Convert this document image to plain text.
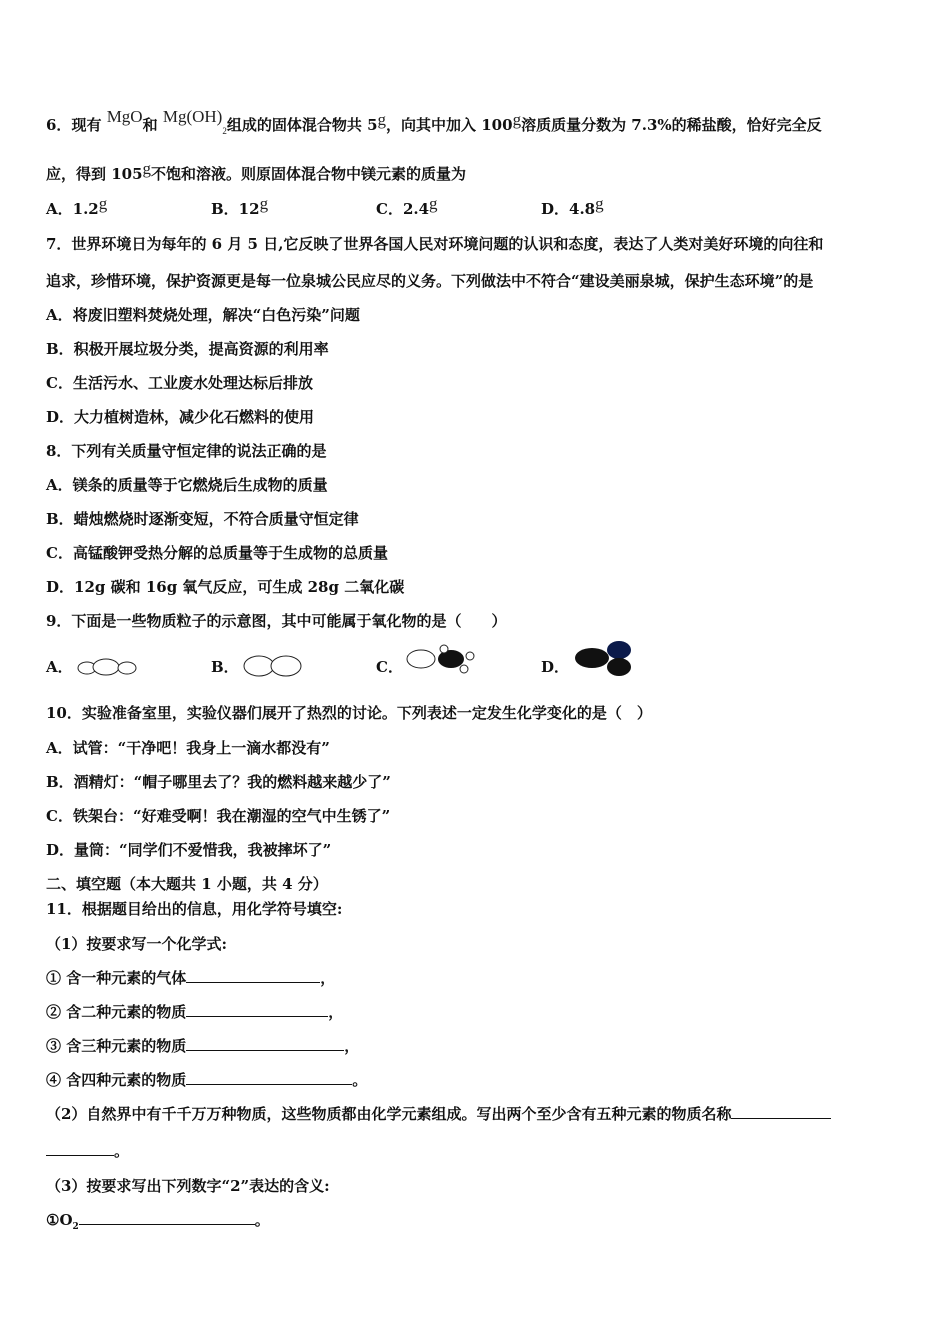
6．现有 MgO和 $Mg(OH)_2$组成的固体混合物共 5g，向其中加入 100g溶质质量分数为 7.3%的稀盐酸，恰好完全反
应，得到 105g不饱和溶液。则原固体混合物中镁元素的质量为
A．1.2g	B．12g	C．2.4g	D．4.8g
7．世界环境日为每年的 6 月 5 日,它反映了世界各国人民对环境问题的认识和态度，表达了人类对美好环境的向往和
追求，珍惜环境，保护资源更是每一位泉城公民应尽的义务。下列做法中不符合“建设美丽泉城，保护生态环境”的是
A．将废旧塑料焚烧处理，解决“白色污染”问题
B．积极开展垃圾分类，提高资源的利用率
C．生活污水、工业废水处理达标后排放
D．大力植树造林，减少化石燃料的使用
8．下列有关质量守恒定律的说法正确的是
A．镁条的质量等于它燃烧后生成物的质量
B．蜡烛燃烧时逐渐变短，不符合质量守恒定律
C．高锰酸钾受热分解的总质量等于生成物的总质量
D．12g 碳和 16g 氧气反应，可生成 28g 二氧化碳
9．下面是一些物质粒子的示意图，其中可能属于氧化物的是（　　）
A．	B．	C．	D．
10．实验准备室里，实验仪器们展开了热烈的讨论。下列表述一定发生化学变化的是（　）
A．试管：“干净吧！我身上一滴水都没有”
B．酒精灯：“帽子哪里去了？我的燃料越来越少了”
C．铁架台：“好难受啊！我在潮湿的空气中生锈了”
D．量筒：“同学们不爱惜我，我被摔坏了”
二、填空题（本大题共 1 小题，共 4 分）
11．根据题目给出的信息，用化学符号填空:
（1）按要求写一个化学式:
① 含一种元素的气体	，
② 含二种元素的物质	，
③ 含三种元素的物质	，
④ 含四种元素的物质	。
（2）自然界中有千千万万种物质，这些物质都由化学元素组成。写出两个至少含有五种元素的物质名称
。
（3）按要求写出下列数字“2”表达的含义:
$①O_2$	。
